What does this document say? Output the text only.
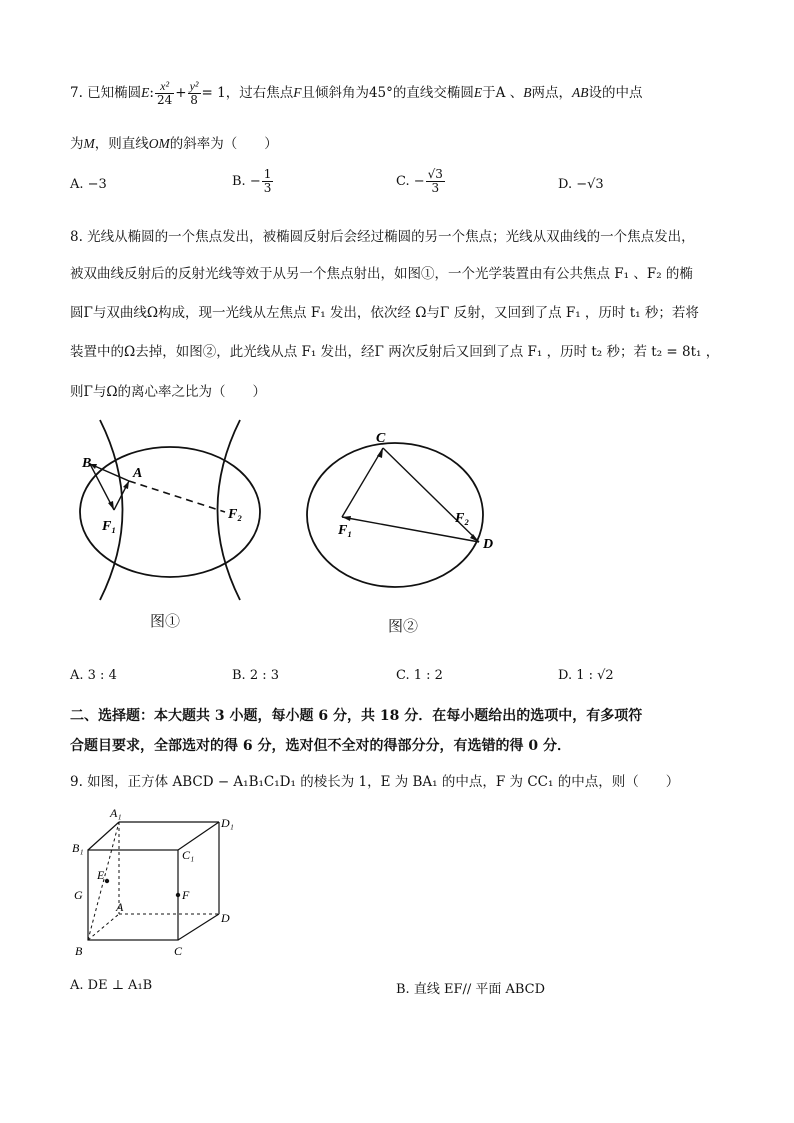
7. 已知椭圆E: $\frac{\text{x²}}{24} + \frac{\text{y²}}{8} = 1$，过右焦点F且倾斜角为45°的直线交椭圆E于A 、B两点，AB设的中点
为M，则直线OM的斜率为（　　）
A. −3	B. − $\frac{1}{3}$	C. − $\frac{√3}{3}$	D. −√3
8. 光线从椭圆的一个焦点发出，被椭圆反射后会经过椭圆的另一个焦点；光线从双曲线的一个焦点发出，
被双曲线反射后的反射光线等效于从另一个焦点射出，如图①，一个光学装置由有公共焦点 F₁ 、F₂ 的椭
圆Γ与双曲线Ω构成，现一光线从左焦点 F₁ 发出，依次经 Ω与Γ 反射，又回到了点 F₁ ，历时 t₁ 秒；若将
装置中的Ω去掉，如图②，此光线从点 F₁ 发出，经Γ 两次反射后又回到了点 F₁ ，历时 t₂ 秒；若 t₂ = 8t₁ ，
则Γ与Ω的离心率之比为（　　）
B
A
F₁
F₂
图①
C
F₁
F₂
D
图②
A. 3 : 4	B. 2 : 3	C. 1 : 2	D. 1 : √2
二、选择题：本大题共 3 小题，每小题 6 分，共 18 分．在每小题给出的选项中，有多项符
合题目要求，全部选对的得 6 分，选对但不全对的得部分分，有选错的得 0 分．
9. 如图，正方体 ABCD − A₁B₁C₁D₁ 的棱长为 1，E 为 BA₁ 的中点，F 为 CC₁ 的中点，则（　　）
A₁
D₁
B₁	C₁
E
F
G
A
D
B	C
A. DE ⊥ A₁B	B. 直线 EF// 平面 ABCD
